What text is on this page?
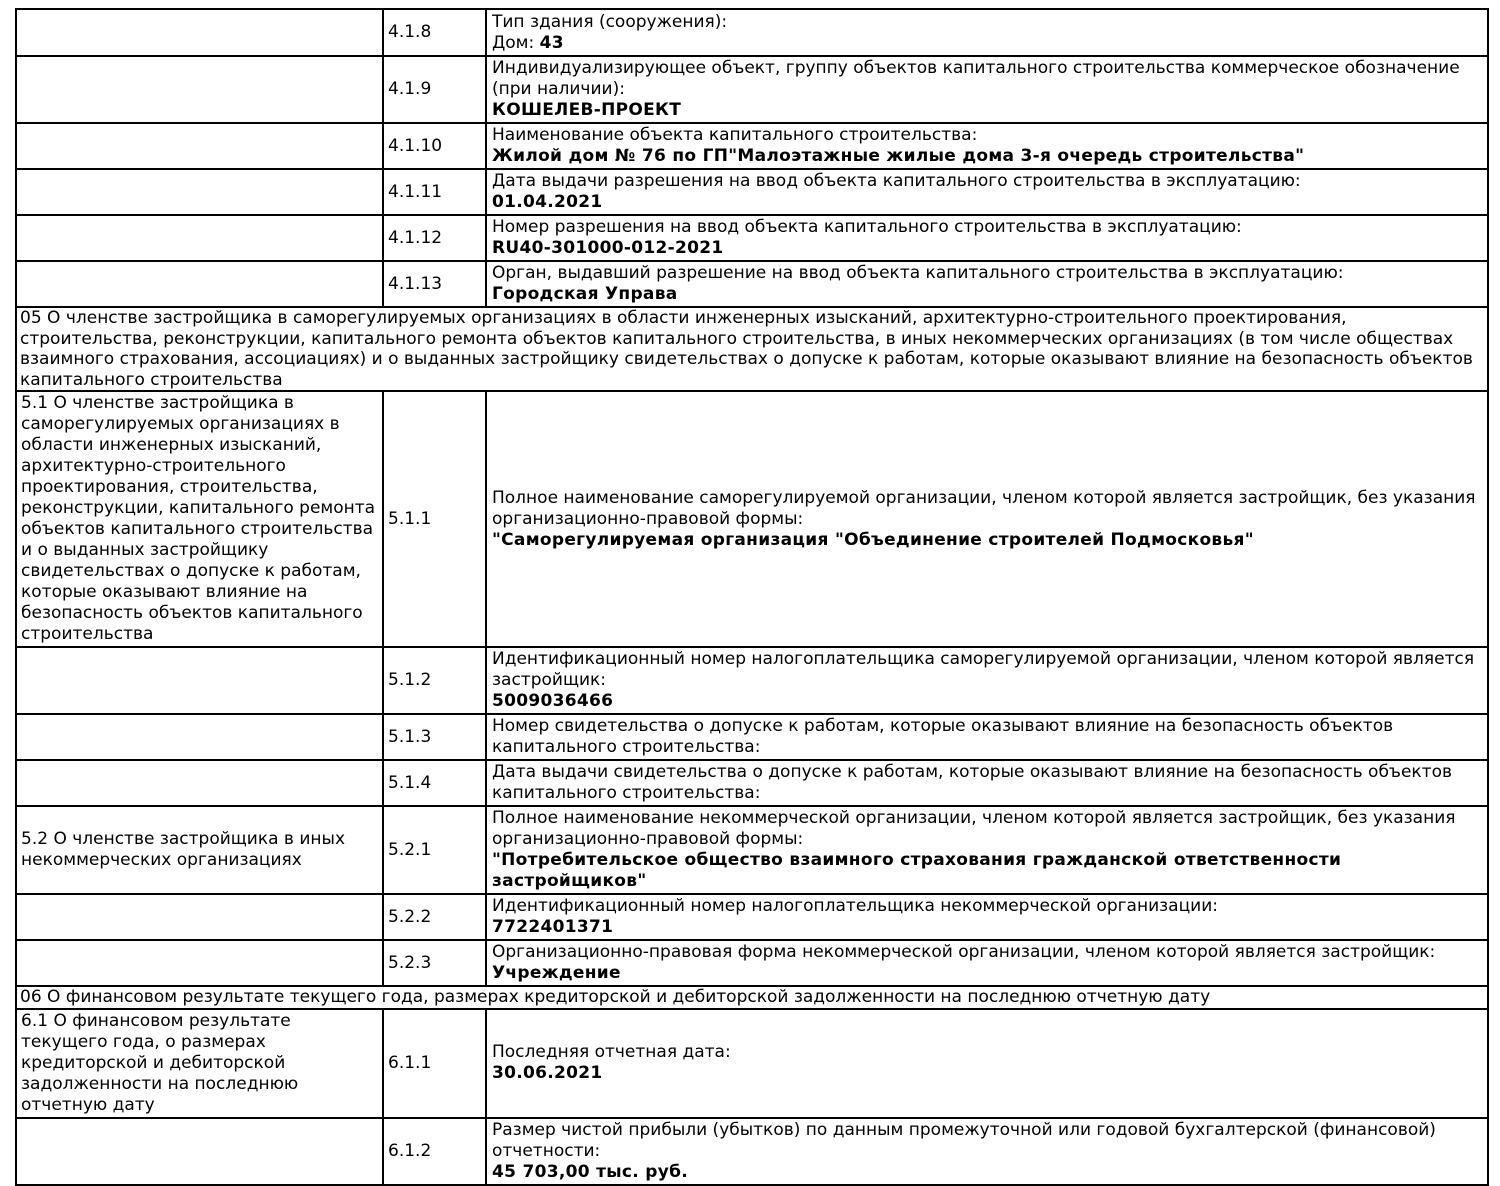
	4.1.8	Тип здания (сооружения):
Дом: 43

	4.1.9	Индивидуализирующее объект, группу объектов капитального строительства коммерческое обозначение (при наличии):
КОШЕЛЕВ-ПРОЕКТ

	4.1.10	Наименование объекта капитального строительства:
Жилой дом № 76 по ГП"Малоэтажные жилые дома 3-я очередь строительства"

	4.1.11	Дата выдачи разрешения на ввод объекта капитального строительства в эксплуатацию:
01.04.2021

	4.1.12	Номер разрешения на ввод объекта капитального строительства в эксплуатацию:
RU40-301000-012-2021

	4.1.13	Орган, выдавший разрешение на ввод объекта капитального строительства в эксплуатацию:
Городская Управа

05 О членстве застройщика в саморегулируемых организациях в области инженерных изысканий, архитектурно-строительного проектирования, строительства, реконструкции, капитального ремонта объектов капитального строительства, в иных некоммерческих организациях (в том числе обществах взаимного страхования, ассоциациях) и о выданных застройщику свидетельствах о допуске к работам, которые оказывают влияние на безопасность объектов капитального строительства		
5.1 О членстве застройщика в саморегулируемых организациях в области инженерных изысканий, архитектурно-строительного проектирования, строительства, реконструкции, капитального ремонта объектов капитального строительства и о выданных застройщику свидетельствах о допуске к работам, которые оказывают влияние на безопасность объектов капитального строительства	5.1.1	Полное наименование саморегулируемой организации, членом которой является застройщик, без указания организационно-правовой формы:
"Саморегулируемая организация "Объединение строителей Подмосковья"

	5.1.2	Идентификационный номер налогоплательщика саморегулируемой организации, членом которой является застройщик:
5009036466

	5.1.3	Номер свидетельства о допуске к работам, которые оказывают влияние на безопасность объектов капитального строительства:

	5.1.4	Дата выдачи свидетельства о допуске к работам, которые оказывают влияние на безопасность объектов капитального строительства:

5.2 О членстве застройщика в иных некоммерческих организациях	5.2.1	Полное наименование некоммерческой организации, членом которой является застройщик, без указания организационно-правовой формы:
"Потребительское общество взаимного страхования гражданской ответственности застройщиков"

	5.2.2	Идентификационный номер налогоплательщика некоммерческой организации:
7722401371

	5.2.3	Организационно-правовая форма некоммерческой организации, членом которой является застройщик:
Учреждение

06 О финансовом результате текущего года, размерах кредиторской и дебиторской задолженности на последнюю отчетную дату		
6.1 О финансовом результате текущего года, о размерах кредиторской и дебиторской задолженности на последнюю отчетную дату	6.1.1	Последняя отчетная дата:
30.06.2021

	6.1.2	Размер чистой прибыли (убытков) по данным промежуточной или годовой бухгалтерской (финансовой) отчетности:
45 703,00 тыс. руб.
